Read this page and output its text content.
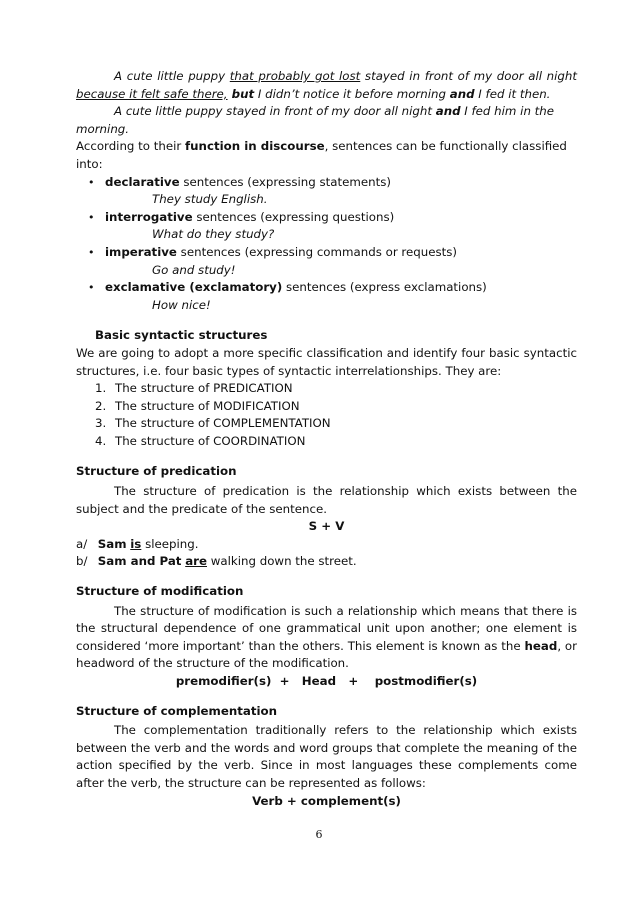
A cute little puppy that probably got lost stayed in front of my door all night because it felt safe there, but I didn’t notice it before morning and I fed it then.

A cute little puppy stayed in front of my door all night and I fed him in the morning.

According to their function in discourse, sentences can be functionally classified into:

• declarative sentences (expressing statements)
They study English.
• interrogative sentences (expressing questions)
What do they study?
• imperative sentences (expressing commands or requests)
Go and study!
• exclamative (exclamatory) sentences (express exclamations)
How nice!

Basic syntactic structures

We are going to adopt a more specific classification and identify four basic syntactic structures, i.e. four basic types of syntactic interrelationships. They are:

1. The structure of PREDICATION
2. The structure of MODIFICATION
3. The structure of COMPLEMENTATION
4. The structure of COORDINATION

Structure of predication

The structure of predication is the relationship which exists between the subject and the predicate of the sentence.

S + V

a/ Sam is sleeping.

b/ Sam and Pat are walking down the street.

Structure of modification

The structure of modification is such a relationship which means that there is the structural dependence of one grammatical unit upon another; one element is considered ‘more important’ than the others. This element is known as the head, or headword of the structure of the modification.

premodifier(s)  +   Head   +    postmodifier(s)

Structure of complementation

The complementation traditionally refers to the relationship which exists between the verb and the words and word groups that complete the meaning of the action specified by the verb. Since in most languages these complements come after the verb, the structure can be represented as follows:

Verb + complement(s)

6
